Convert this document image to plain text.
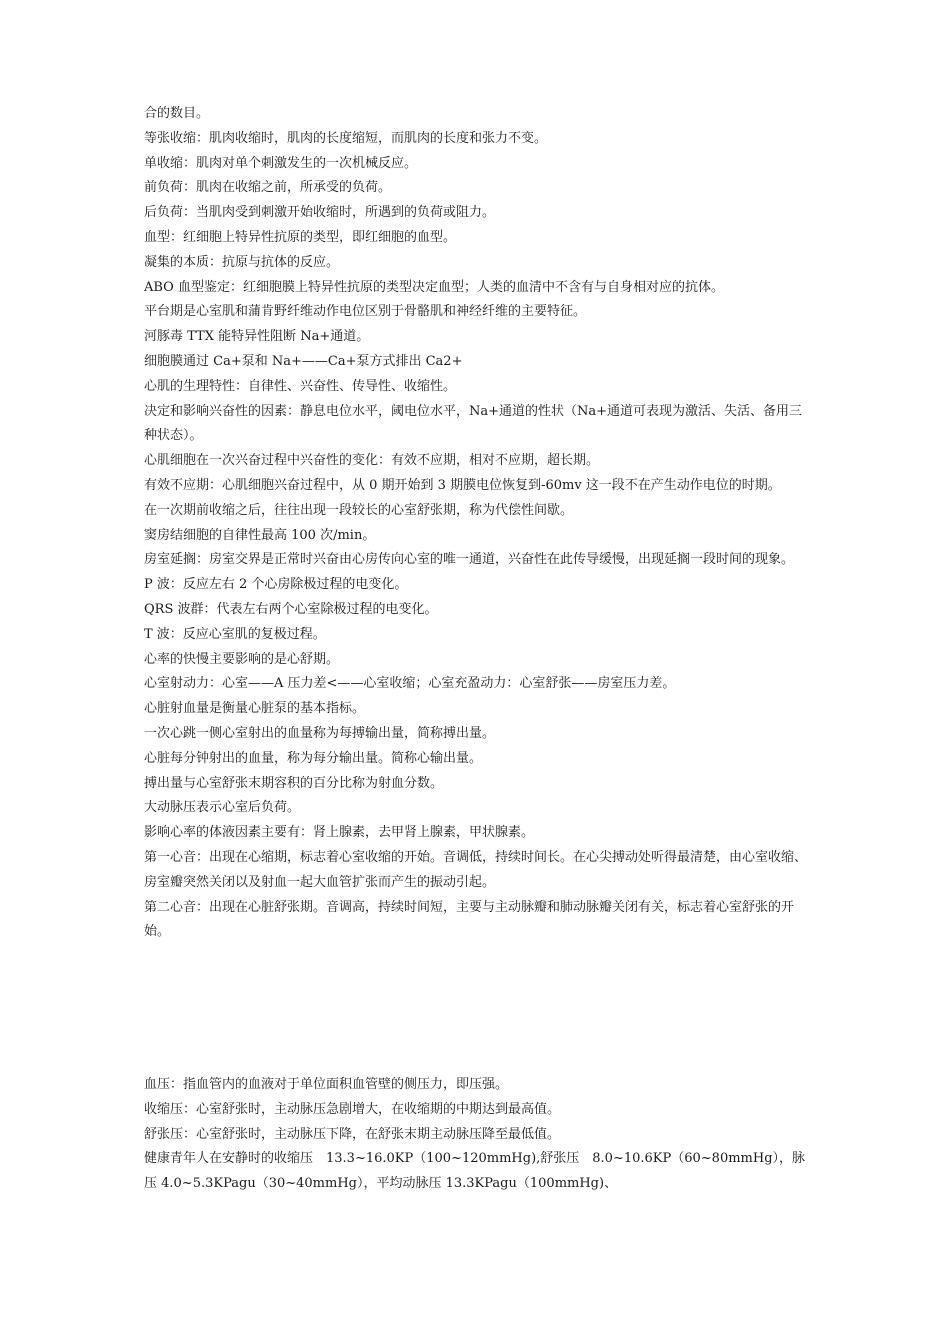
合的数目。

等张收缩：肌肉收缩时，肌肉的长度缩短，而肌肉的长度和张力不变。

单收缩：肌肉对单个刺激发生的一次机械反应。

前负荷：肌肉在收缩之前，所承受的负荷。

后负荷：当肌肉受到刺激开始收缩时，所遇到的负荷或阻力。

血型：红细胞上特异性抗原的类型，即红细胞的血型。

凝集的本质：抗原与抗体的反应。

ABO 血型鉴定：红细胞膜上特异性抗原的类型决定血型；人类的血清中不含有与自身相对应的抗体。

平台期是心室肌和蒲肯野纤维动作电位区别于骨骼肌和神经纤维的主要特征。

河豚毒 TTX 能特异性阻断 Na+通道。

细胞膜通过 Ca+泵和 Na+——Ca+泵方式排出 Ca2+

心肌的生理特性：自律性、兴奋性、传导性、收缩性。

决定和影响兴奋性的因素：静息电位水平，阈电位水平，Na+通道的性状（Na+通道可表现为激活、失活、备用三种状态）。

心肌细胞在一次兴奋过程中兴奋性的变化：有效不应期，相对不应期，超长期。

有效不应期：心肌细胞兴奋过程中，从 0 期开始到 3 期膜电位恢复到-60mv 这一段不在产生动作电位的时期。

在一次期前收缩之后，往往出现一段较长的心室舒张期，称为代偿性间歇。

窦房结细胞的自律性最高 100 次/min。

房室延搁：房室交界是正常时兴奋由心房传向心室的唯一通道，兴奋性在此传导缓慢，出现延搁一段时间的现象。

P 波：反应左右 2 个心房除极过程的电变化。

QRS 波群：代表左右两个心室除极过程的电变化。

T 波：反应心室肌的复极过程。

心率的快慢主要影响的是心舒期。

心室射动力：心室——A 压力差<——心室收缩；心室充盈动力：心室舒张——房室压力差。

心脏射血量是衡量心脏泵的基本指标。

一次心跳一侧心室射出的血量称为每搏输出量，简称搏出量。

心脏每分钟射出的血量，称为每分输出量。简称心输出量。

搏出量与心室舒张末期容积的百分比称为射血分数。

大动脉压表示心室后负荷。

影响心率的体液因素主要有：肾上腺素，去甲肾上腺素，甲状腺素。

第一心音：出现在心缩期，标志着心室收缩的开始。音调低，持续时间长。在心尖搏动处听得最清楚，由心室收缩、房室瓣突然关闭以及射血一起大血管扩张而产生的振动引起。

第二心音：出现在心脏舒张期。音调高，持续时间短，主要与主动脉瓣和肺动脉瓣关闭有关，标志着心室舒张的开始。

血压：指血管内的血液对于单位面积血管壁的侧压力，即压强。

收缩压：心室舒张时，主动脉压急剧增大，在收缩期的中期达到最高值。

舒张压：心室舒张时，主动脉压下降，在舒张末期主动脉压降至最低值。

健康青年人在安静时的收缩压　13.3~16.0KP（100~120mmHg),舒张压　8.0~10.6KP（60~80mmHg），脉压 4.0~5.3KPagu（30~40mmHg），平均动脉压 13.3KPagu（100mmHg)、
